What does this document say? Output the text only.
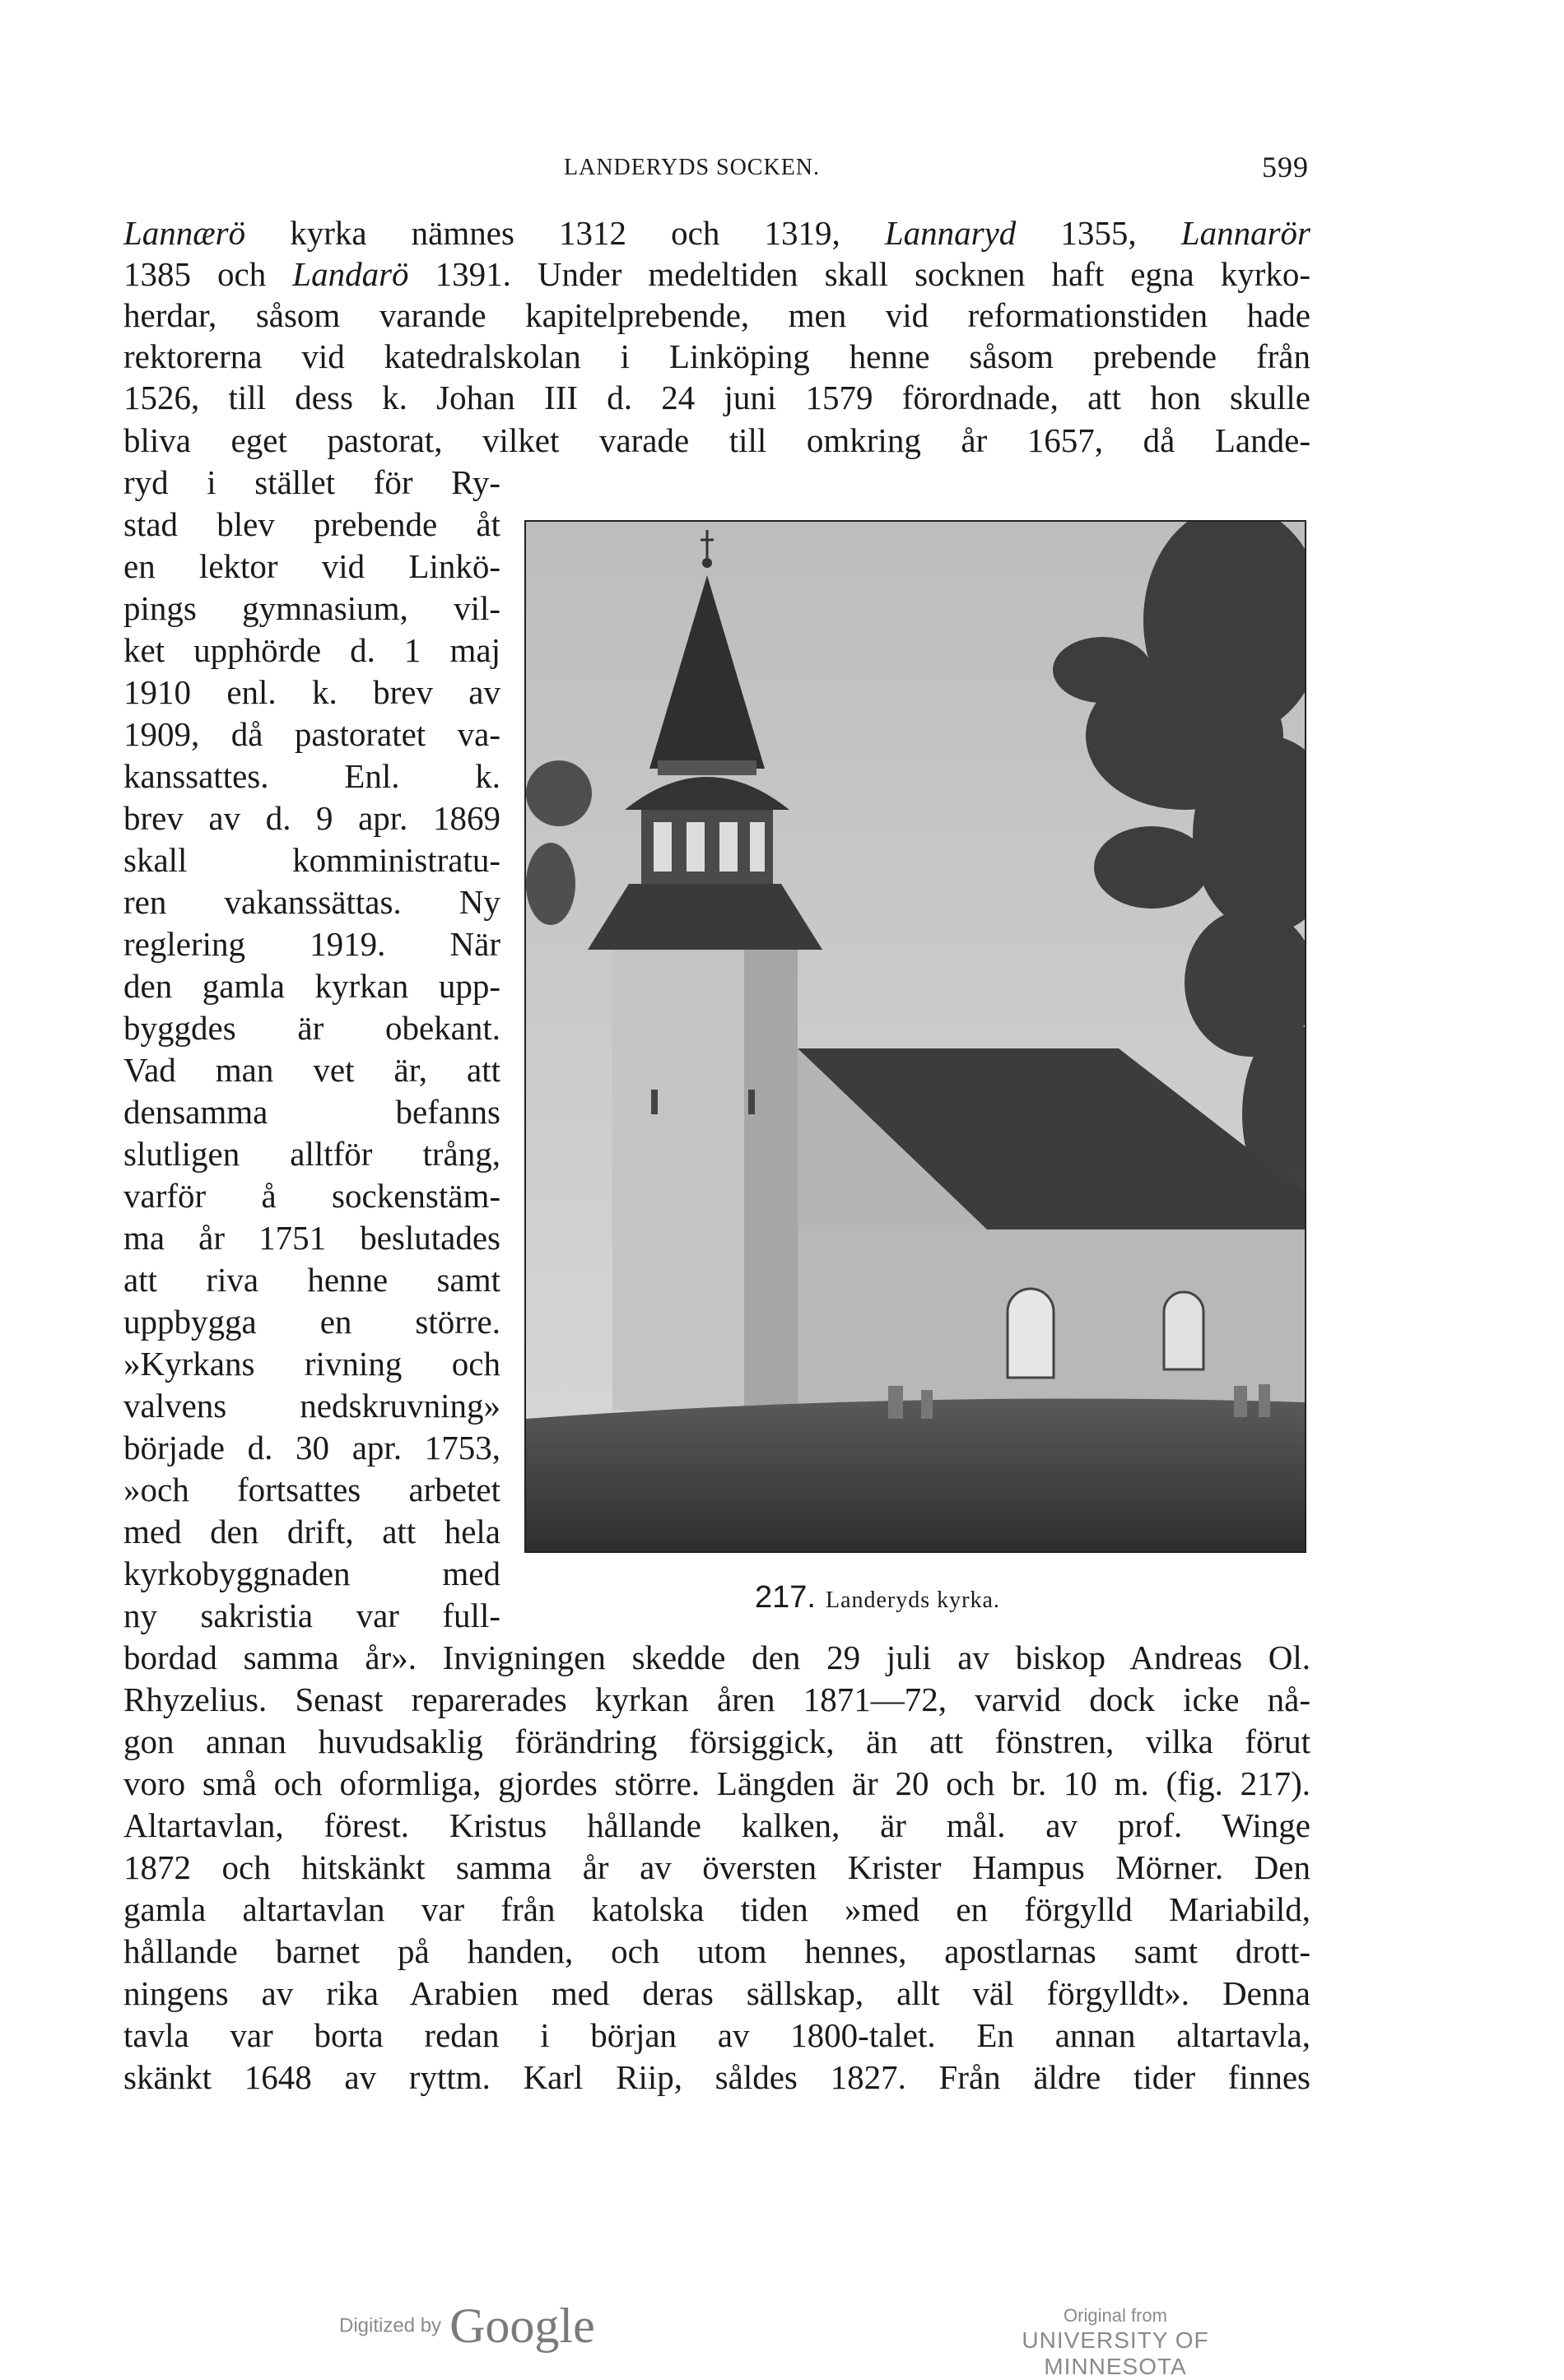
LANDERYDS SOCKEN.	599
Lannærö kyrka nämnes 1312 och 1319, Lannaryd 1355, Lannarör
1385 och Landarö 1391. Under medeltiden skall socknen haft egna kyrko-
herdar, såsom varande kapitelprebende, men vid reformationstiden hade
rektorerna vid katedralskolan i Linköping henne såsom prebende från
1526, till dess k. Johan III d. 24 juni 1579 förordnade, att hon skulle
bliva eget pastorat, vilket varade till omkring år 1657, då Lande-
ryd i stället för Ry-
stad blev prebende åt
en lektor vid Linkö-
pings gymnasium, vil-
ket upphörde d. 1 maj
1910 enl. k. brev av
1909, då pastoratet va-
kanssattes. Enl. k.
brev av d. 9 apr. 1869
skall komministratu-
ren vakanssättas. Ny
reglering 1919. När
den gamla kyrkan upp-
byggdes är obekant.
Vad man vet är, att
densamma befanns
slutligen alltför trång,
varför å sockenstäm-
ma år 1751 beslutades
att riva henne samt
uppbygga en större.
»Kyrkans rivning och
valvens nedskruvning»
började d. 30 apr. 1753,
»och fortsattes arbetet
med den drift, att hela
kyrkobyggnaden med
ny sakristia var full-
bordad samma år». Invigningen skedde den 29 juli av biskop Andreas Ol.
Rhyzelius. Senast reparerades kyrkan åren 1871—72, varvid dock icke nå-
gon annan huvudsaklig förändring försiggick, än att fönstren, vilka förut
voro små och oformliga, gjordes större. Längden är 20 och br. 10 m. (fig. 217).
Altartavlan, förest. Kristus hållande kalken, är mål. av prof. Winge
1872 och hitskänkt samma år av översten Krister Hampus Mörner. Den
gamla altartavlan var från katolska tiden »med en förgylld Mariabild,
hållande barnet på handen, och utom hennes, apostlarnas samt drott-
ningens av rika Arabien med deras sällskap, allt väl förgylldt». Denna
tavla var borta redan i början av 1800-talet. En annan altartavla,
skänkt 1648 av ryttm. Karl Riip, såldes 1827. Från äldre tider finnes
217. Landeryds kyrka.
Digitized by Google	Original from
UNIVERSITY OF MINNESOTA
